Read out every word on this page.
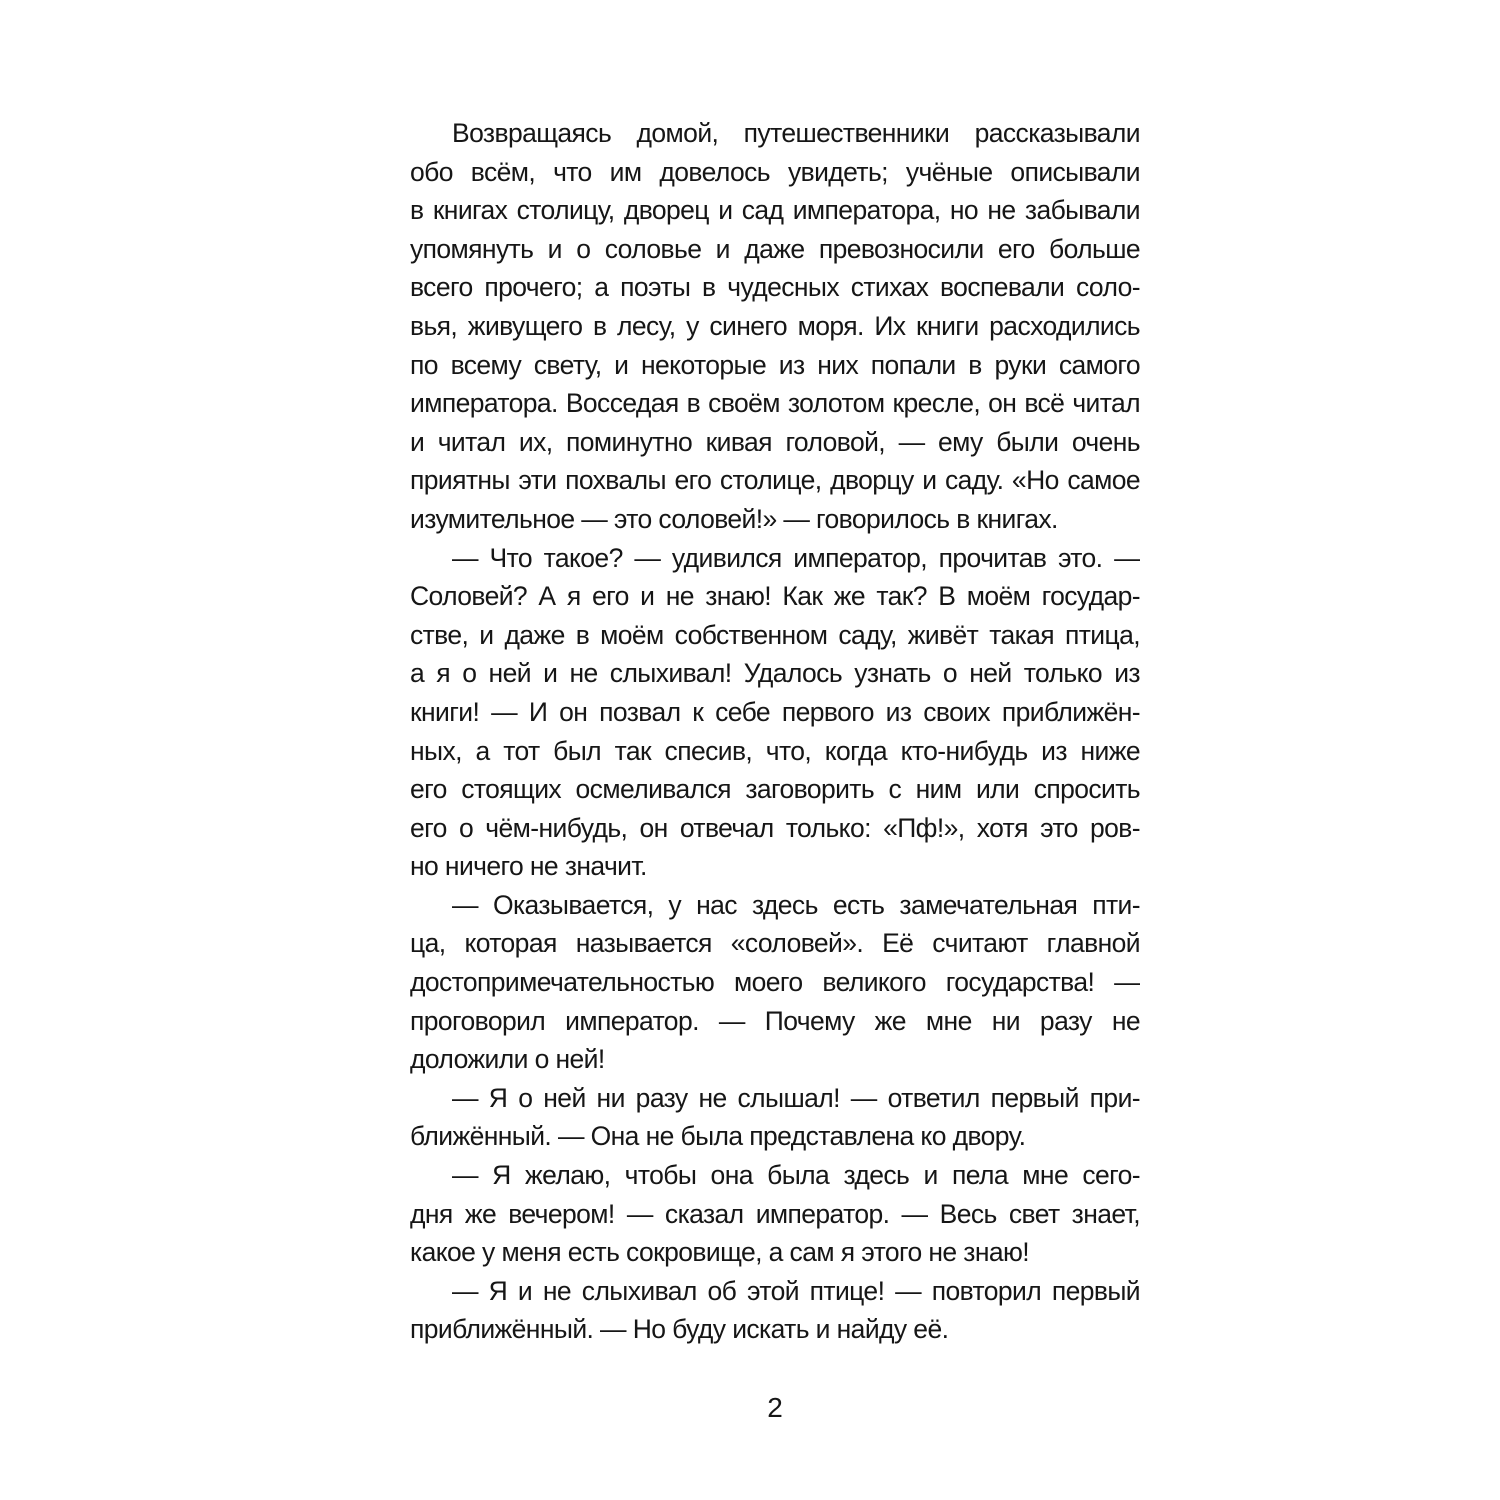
Возвращаясь домой, путешественники рассказывали
обо всём, что им довелось увидеть; учёные описывали
в книгах столицу, дворец и сад императора, но не забывали
упомянуть и о соловье и даже превозносили его больше
всего прочего; а поэты в чудесных стихах воспевали соло-
вья, живущего в лесу, у синего моря. Их книги расходились
по всему свету, и некоторые из них попали в руки самого
императора. Восседая в своём золотом кресле, он всё читал
и читал их, поминутно кивая головой, — ему были очень
приятны эти похвалы его столице, дворцу и саду. «Но самое
изумительное — это соловей!» — говорилось в книгах.
— Что такое? — удивился император, прочитав это. —
Соловей? А я его и не знаю! Как же так? В моём государ-
стве, и даже в моём собственном саду, живёт такая птица,
а я о ней и не слыхивал! Удалось узнать о ней только из
книги! — И он позвал к себе первого из своих приближён-
ных, а тот был так спесив, что, когда кто-нибудь из ниже
его стоящих осмеливался заговорить с ним или спросить
его о чём-нибудь, он отвечал только: «Пф!», хотя это ров-
но ничего не значит.
— Оказывается, у нас здесь есть замечательная пти-
ца, которая называется «соловей». Её считают главной
достопримечательностью моего великого государства! —
проговорил император. — Почему же мне ни разу не
доложили о ней!
— Я о ней ни разу не слышал! — ответил первый при-
ближённый. — Она не была представлена ко двору.
— Я желаю, чтобы она была здесь и пела мне сего-
дня же вечером! — сказал император. — Весь свет знает,
какое у меня есть сокровище, а сам я этого не знаю!
— Я и не слыхивал об этой птице! — повторил первый
приближённый. — Но буду искать и найду её.
2
